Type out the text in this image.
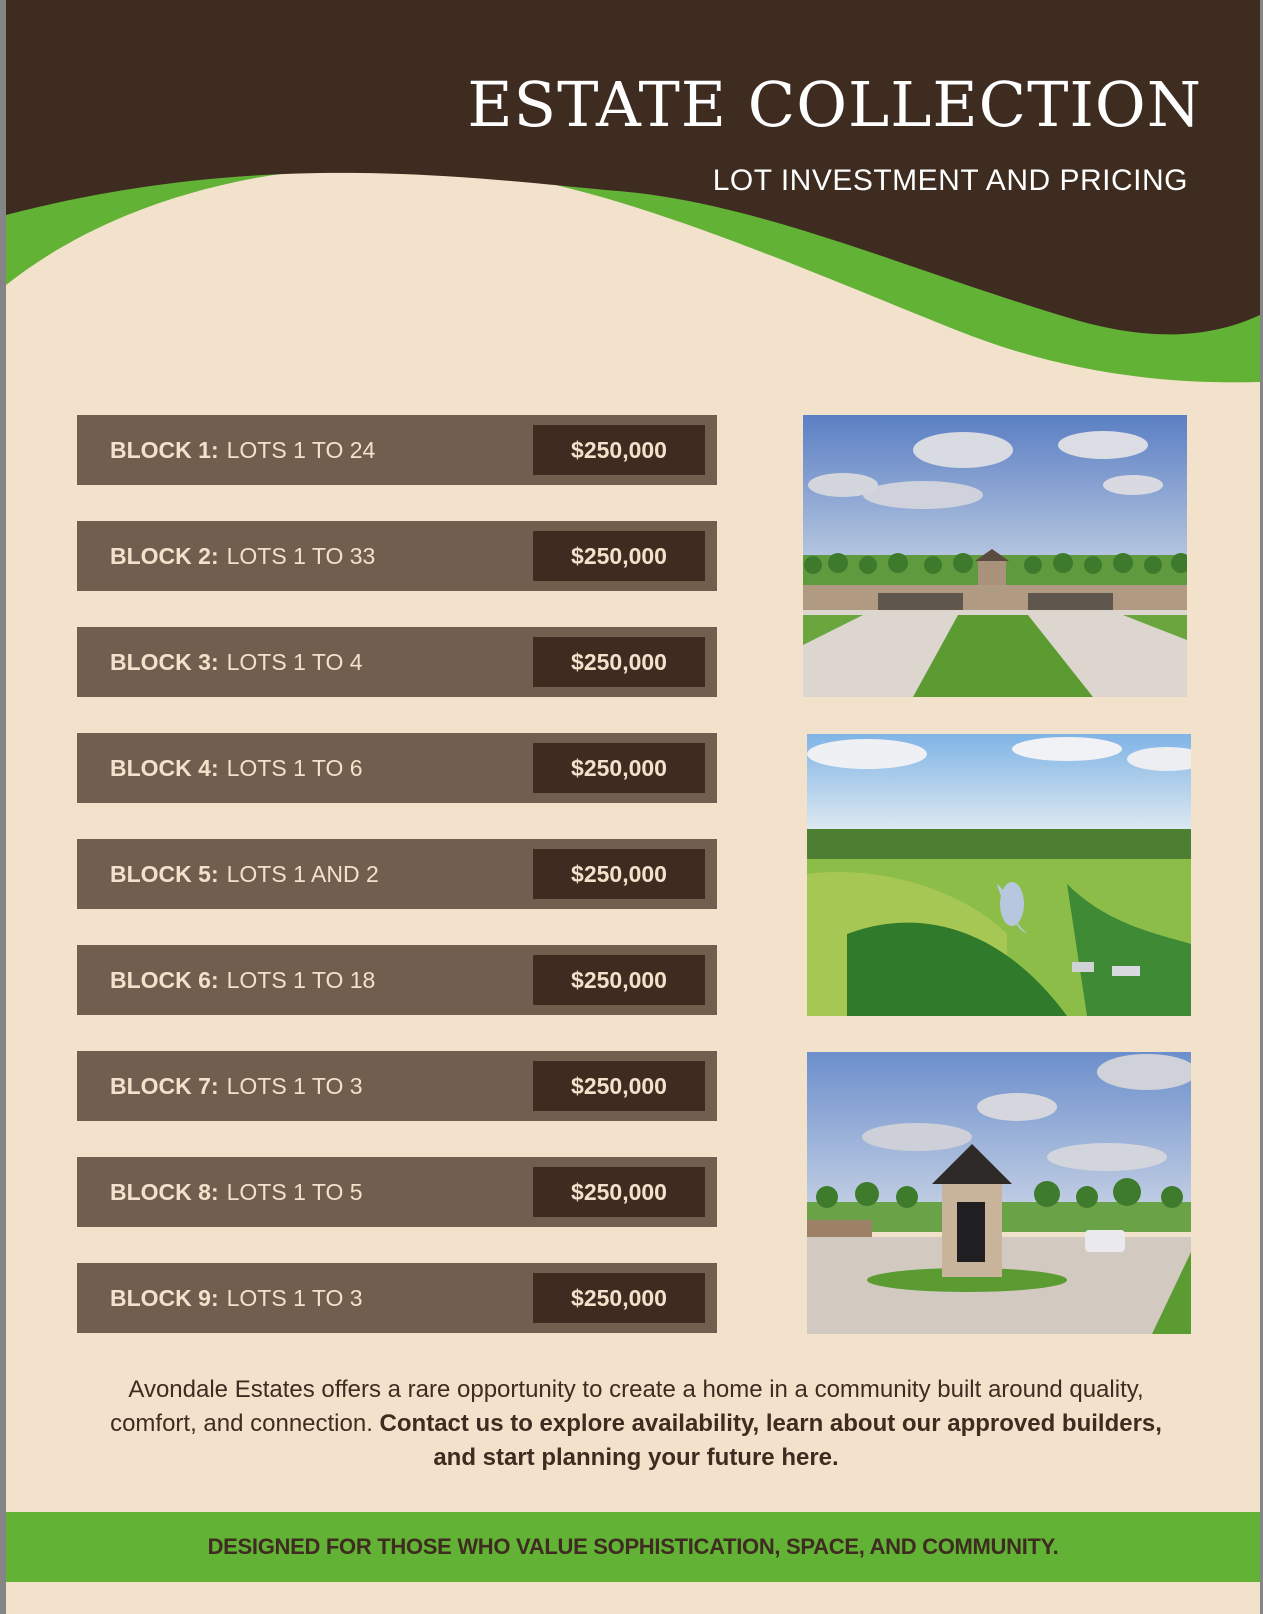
ESTATE COLLECTION
LOT INVESTMENT AND PRICING
BLOCK 1: LOTS 1 TO 24	$250,000
BLOCK 2: LOTS 1 TO 33	$250,000
BLOCK 3: LOTS 1 TO 4	$250,000
BLOCK 4: LOTS 1 TO 6	$250,000
BLOCK 5: LOTS 1 AND 2	$250,000
BLOCK 6: LOTS 1 TO 18	$250,000
BLOCK 7: LOTS 1 TO 3	$250,000
BLOCK 8: LOTS 1 TO 5	$250,000
BLOCK 9: LOTS 1 TO 3	$250,000

Avondale Estates offers a rare opportunity to create a home in a community built around quality, comfort, and connection. Contact us to explore availability, learn about our approved builders, and start planning your future here.

DESIGNED FOR THOSE WHO VALUE SOPHISTICATION, SPACE, AND COMMUNITY.
